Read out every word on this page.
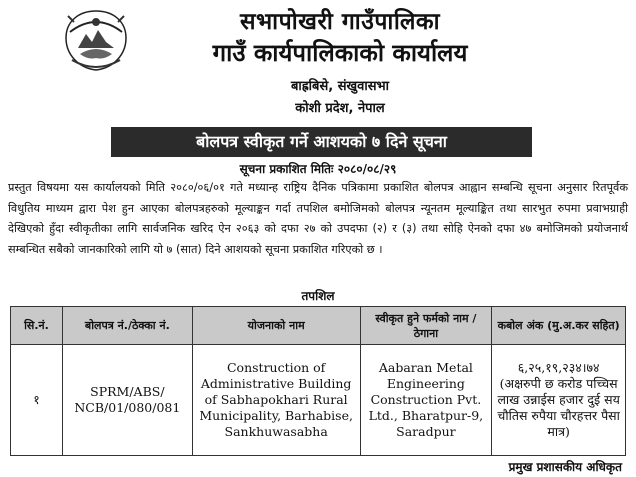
सभापोखरी गाउँपालिका
गाउँ कार्यपालिकाको कार्यालय
बाह्रबिसे, संखुवासभा
कोशी प्रदेश, नेपाल
बोलपत्र स्वीकृत गर्ने आशयको ७ दिने सूचना
सूचना प्रकाशित मितिः २०८०/०८/२९
प्रस्तुत विषयमा यस कार्यालयको मिति २०८०/०६/०१ गते मध्यान्ह राष्ट्रिय दैनिक पत्रिकामा प्रकाशित बोलपत्र आह्वान सम्बन्धि सूचना अनुसार रितपूर्वक विधुतिय माध्यम द्वारा पेश हुन आएका बोलपत्रहरुको मूल्याङ्कन गर्दा तपशिल बमोजिमको बोलपत्र न्यूनतम मूल्याङ्कित तथा सारभुत रुपमा प्रवाभग्राही देखिएको हुँदा स्वीकृतीका लागि सार्वजनिक खरिद ऐन २०६३ को दफा २७ को उपदफा (२) र (३) तथा सोहि ऐनको दफा ४७ बमोजिमको प्रयोजनार्थ सम्बन्धित सबैको जानकारिको लागि यो ७ (सात) दिने आशयको सूचना प्रकाशित गरिएको छ ।
तपशिल
सि.नं.	बोलपत्र नं./ठेक्का नं.	योजनाको नाम	स्वीकृत हुने फर्मको नाम / ठेगाना	कबोल अंक (मु.अ.कर सहित)
१	SPRM/ABS/ NCB/01/080/081	Construction of Administrative Building of Sabhapokhari Rural Municipality, Barhabise, Sankhuwasabha	Aabaran Metal Engineering Construction Pvt. Ltd., Bharatpur-9, Saradpur	६,२५,१९,२३४।७४ (अक्षरुपी छ करोड पच्चिस लाख उन्नाईस हजार दुई सय चौतिस रुपैया चौरहत्तर पैसा मात्र)
प्रमुख प्रशासकीय अधिकृत
